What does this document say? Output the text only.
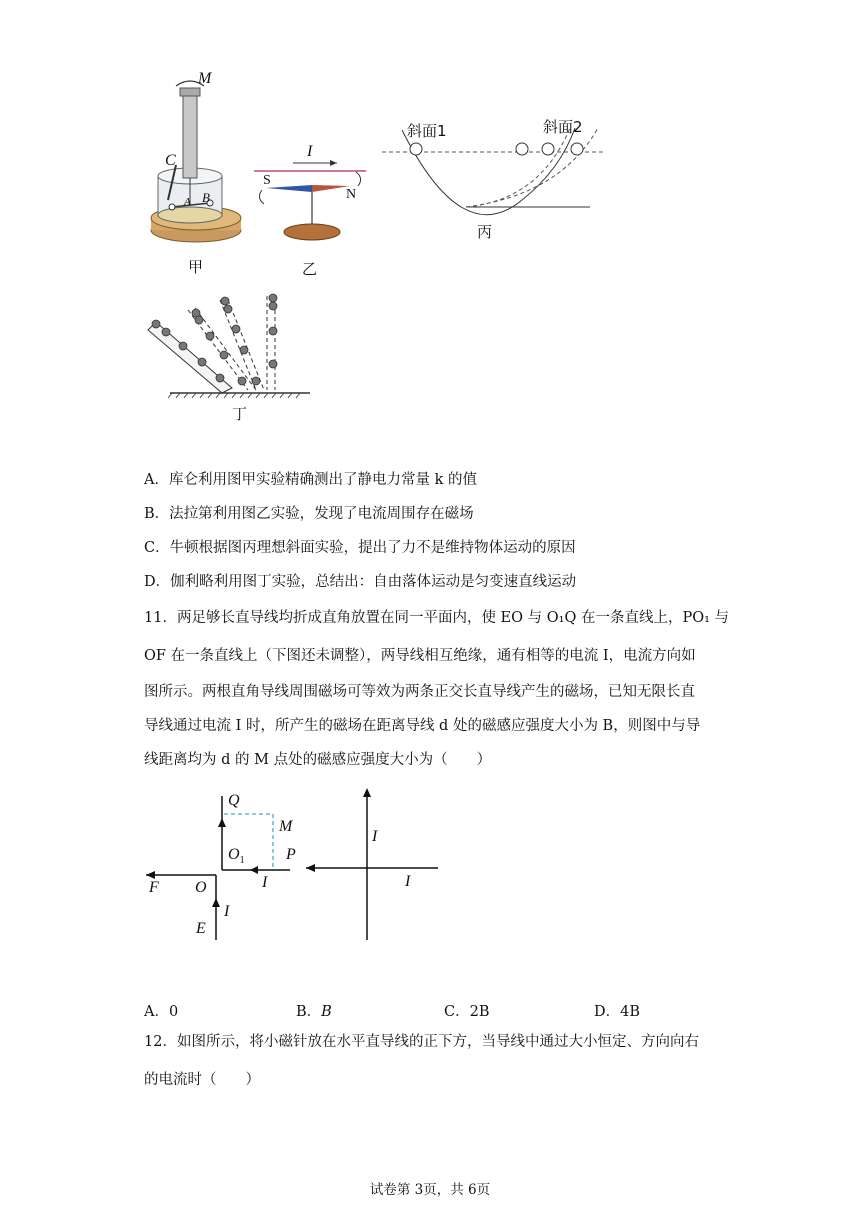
M
C
A B
甲
I
S
N
乙
斜面1	斜面2
丙
丁
A．库仑利用图甲实验精确测出了静电力常量 k 的值
B．法拉第利用图乙实验，发现了电流周围存在磁场
C．牛顿根据图丙理想斜面实验，提出了力不是维持物体运动的原因
D．伽利略利用图丁实验，总结出：自由落体运动是匀变速直线运动
11．两足够长直导线均折成直角放置在同一平面内，使 EO 与 O₁Q 在一条直线上，PO₁ 与
OF 在一条直线上（下图还未调整），两导线相互绝缘，通有相等的电流 I，电流方向如
图所示。两根直角导线周围磁场可等效为两条正交长直导线产生的磁场，已知无限长直
导线通过电流 I 时，所产生的磁场在距离导线 d 处的磁感应强度大小为 B，则图中与导
线距离均为 d 的 M 点处的磁感应强度大小为（　　）
Q
M
$O_1$	P
I
F O
E
I
I
I
A．0	B．B	C．2B	D．4B
12．如图所示，将小磁针放在水平直导线的正下方，当导线中通过大小恒定、方向向右
的电流时（　　）
试卷第 3页，共 6页
